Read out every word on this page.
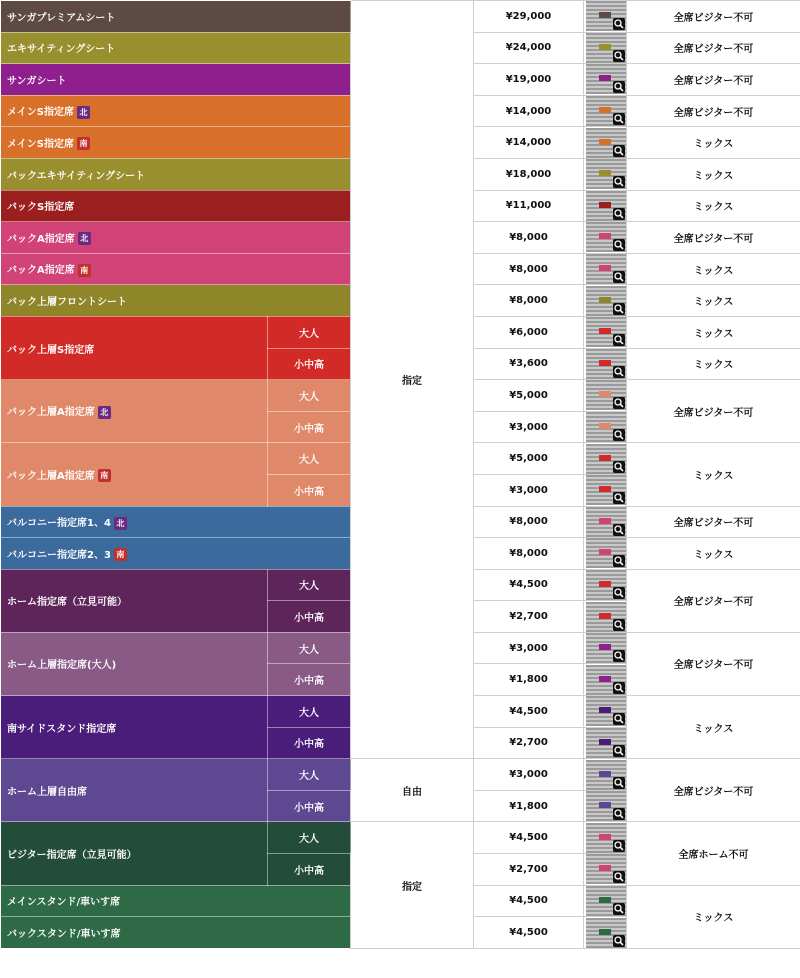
サンガプレミアムシート		指定	¥29,000		全席ビジター不可
エキサイティングシート			¥24,000		全席ビジター不可
サンガシート			¥19,000		全席ビジター不可
メインS指定席 北			¥14,000		全席ビジター不可
メインS指定席 南			¥14,000		ミックス
バックエキサイティングシート			¥18,000		ミックス
バックS指定席			¥11,000		ミックス
バックA指定席 北			¥8,000		全席ビジター不可
バックA指定席 南			¥8,000		ミックス
バック上層フロントシート			¥8,000		ミックス
バック上層S指定席	大人		¥6,000		ミックス
	小中高		¥3,600		ミックス
バック上層A指定席 北	大人		¥5,000		全席ビジター不可
	小中高		¥3,000	

バック上層A指定席 南	大人		¥5,000		ミックス
	小中高		¥3,000	

バルコニー指定席1、4 北			¥8,000		全席ビジター不可
バルコニー指定席2、3 南			¥8,000		ミックス
ホーム指定席（立見可能）	大人		¥4,500		全席ビジター不可
	小中高		¥2,700	

ホーム上層指定席(大人)	大人		¥3,000		全席ビジター不可
	小中高		¥1,800	

南サイドスタンド指定席	大人		¥4,500		ミックス
	小中高		¥2,700	

ホーム上層自由席	大人	自由	¥3,000		全席ビジター不可
	小中高		¥1,800	

ビジター指定席（立見可能）	大人	指定	¥4,500		全席ホーム不可
	小中高		¥2,700	

メインスタンド/車いす席			¥4,500		ミックス
バックスタンド/車いす席			¥4,500	
